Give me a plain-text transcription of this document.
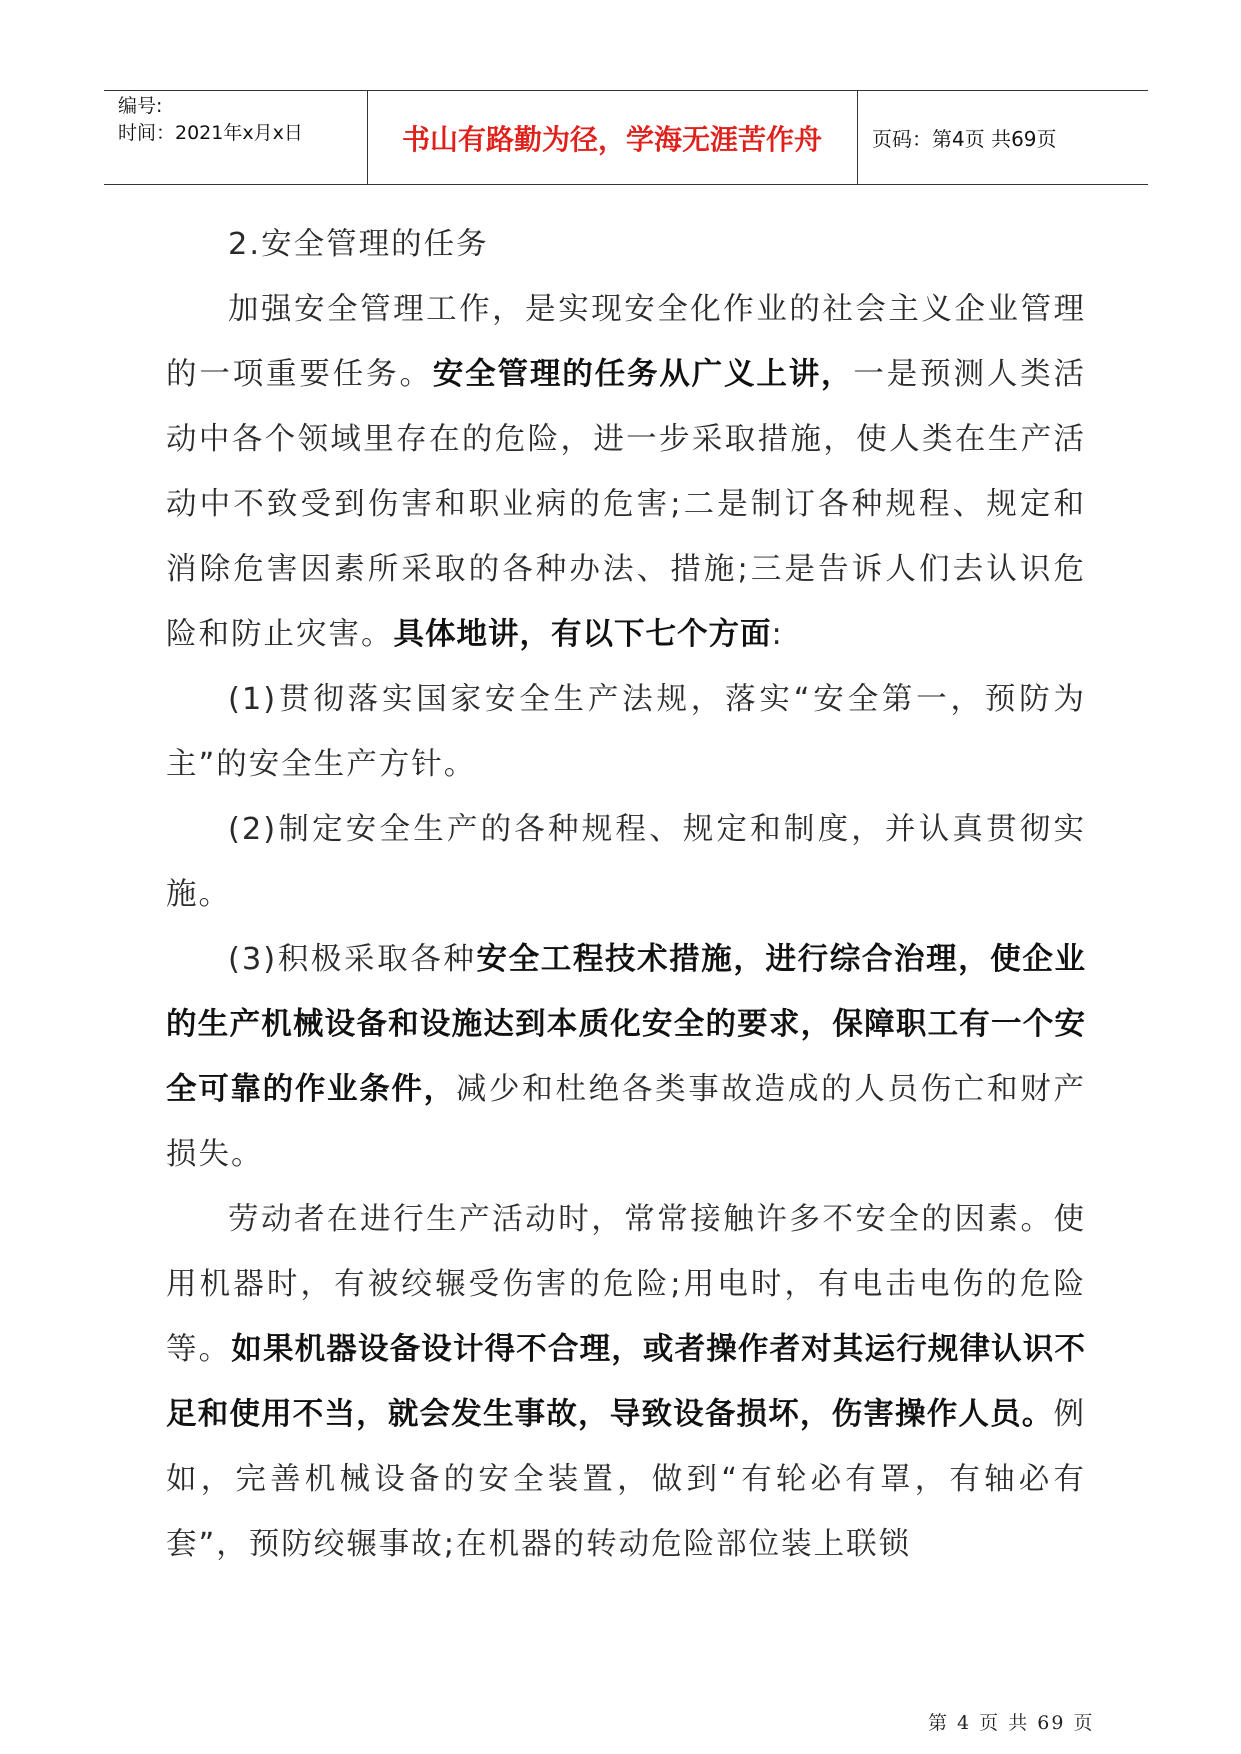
编号:
时间：2021年x月x日	书山有路勤为径，学海无涯苦作舟	页码：第4页 共69页

2.安全管理的任务

加强安全管理工作，是实现安全化作业的社会主义企业管理的一项重要任务。安全管理的任务从广义上讲，一是预测人类活动中各个领域里存在的危险，进一步采取措施，使人类在生产活动中不致受到伤害和职业病的危害;二是制订各种规程、规定和消除危害因素所采取的各种办法、措施;三是告诉人们去认识危险和防止灾害。具体地讲，有以下七个方面:

(1)贯彻落实国家安全生产法规，落实“安全第一，预防为主”的安全生产方针。

(2)制定安全生产的各种规程、规定和制度，并认真贯彻实施。

(3)积极采取各种安全工程技术措施，进行综合治理，使企业的生产机械设备和设施达到本质化安全的要求，保障职工有一个安全可靠的作业条件，减少和杜绝各类事故造成的人员伤亡和财产损失。

劳动者在进行生产活动时，常常接触许多不安全的因素。使用机器时，有被绞辗受伤害的危险;用电时，有电击电伤的危险等。如果机器设备设计得不合理，或者操作者对其运行规律认识不足和使用不当，就会发生事故，导致设备损坏，伤害操作人员。例如，完善机械设备的安全装置，做到“有轮必有罩，有轴必有套”，预防绞辗事故;在机器的转动危险部位装上联锁

第 4 页 共 69 页
